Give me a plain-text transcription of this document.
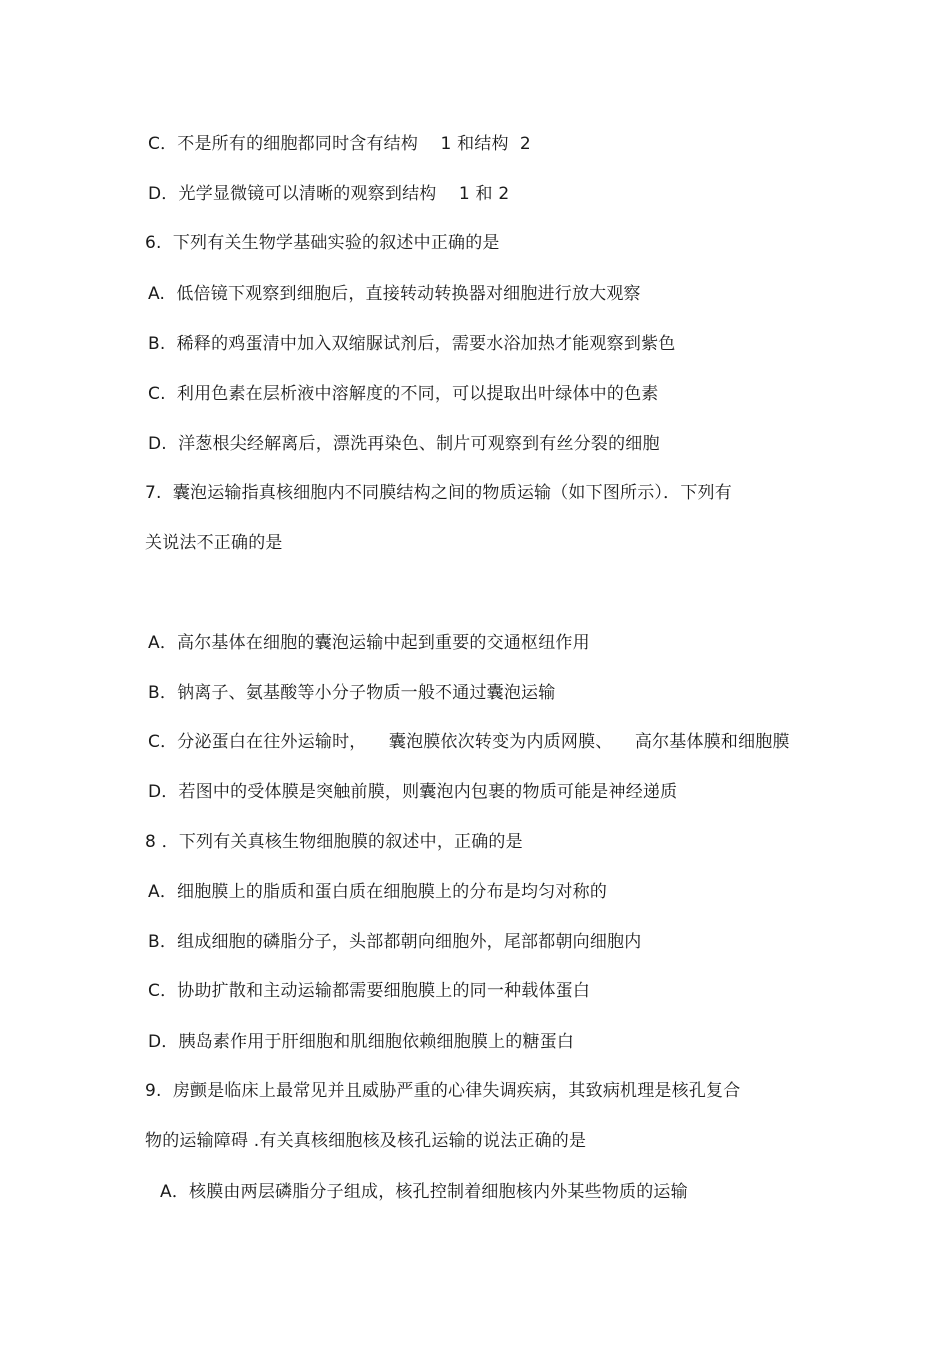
C．不是所有的细胞都同时含有结构    1 和结构  2
D．光学显微镜可以清晰的观察到结构    1 和 2
6.  下列有关生物学基础实验的叙述中正确的是
A.  低倍镜下观察到细胞后，直接转动转换器对细胞进行放大观察
B.  稀释的鸡蛋清中加入双缩脲试剂后，需要水浴加热才能观察到紫色
C.  利用色素在层析液中溶解度的不同，可以提取出叶绿体中的色素
D.  洋葱根尖经解离后，漂洗再染色、制片可观察到有丝分裂的细胞
7.  囊泡运输指真核细胞内不同膜结构之间的物质运输（如下图所示）．下列有
关说法不正确的是
A．高尔基体在细胞的囊泡运输中起到重要的交通枢纽作用
B．钠离子、氨基酸等小分子物质一般不通过囊泡运输
C．分泌蛋白在往外运输时，    囊泡膜依次转变为内质网膜、    高尔基体膜和细胞膜
D．若图中的受体膜是突触前膜，则囊泡内包裹的物质可能是神经递质
8 ．下列有关真核生物细胞膜的叙述中，正确的是
A．细胞膜上的脂质和蛋白质在细胞膜上的分布是均匀对称的
B．组成细胞的磷脂分子，头部都朝向细胞外，尾部都朝向细胞内
C．协助扩散和主动运输都需要细胞膜上的同一种载体蛋白
D．胰岛素作用于肝细胞和肌细胞依赖细胞膜上的糖蛋白
9.  房颤是临床上最常见并且威胁严重的心律失调疾病，其致病机理是核孔复合
物的运输障碍 .有关真核细胞核及核孔运输的说法正确的是
A．核膜由两层磷脂分子组成，核孔控制着细胞核内外某些物质的运输
